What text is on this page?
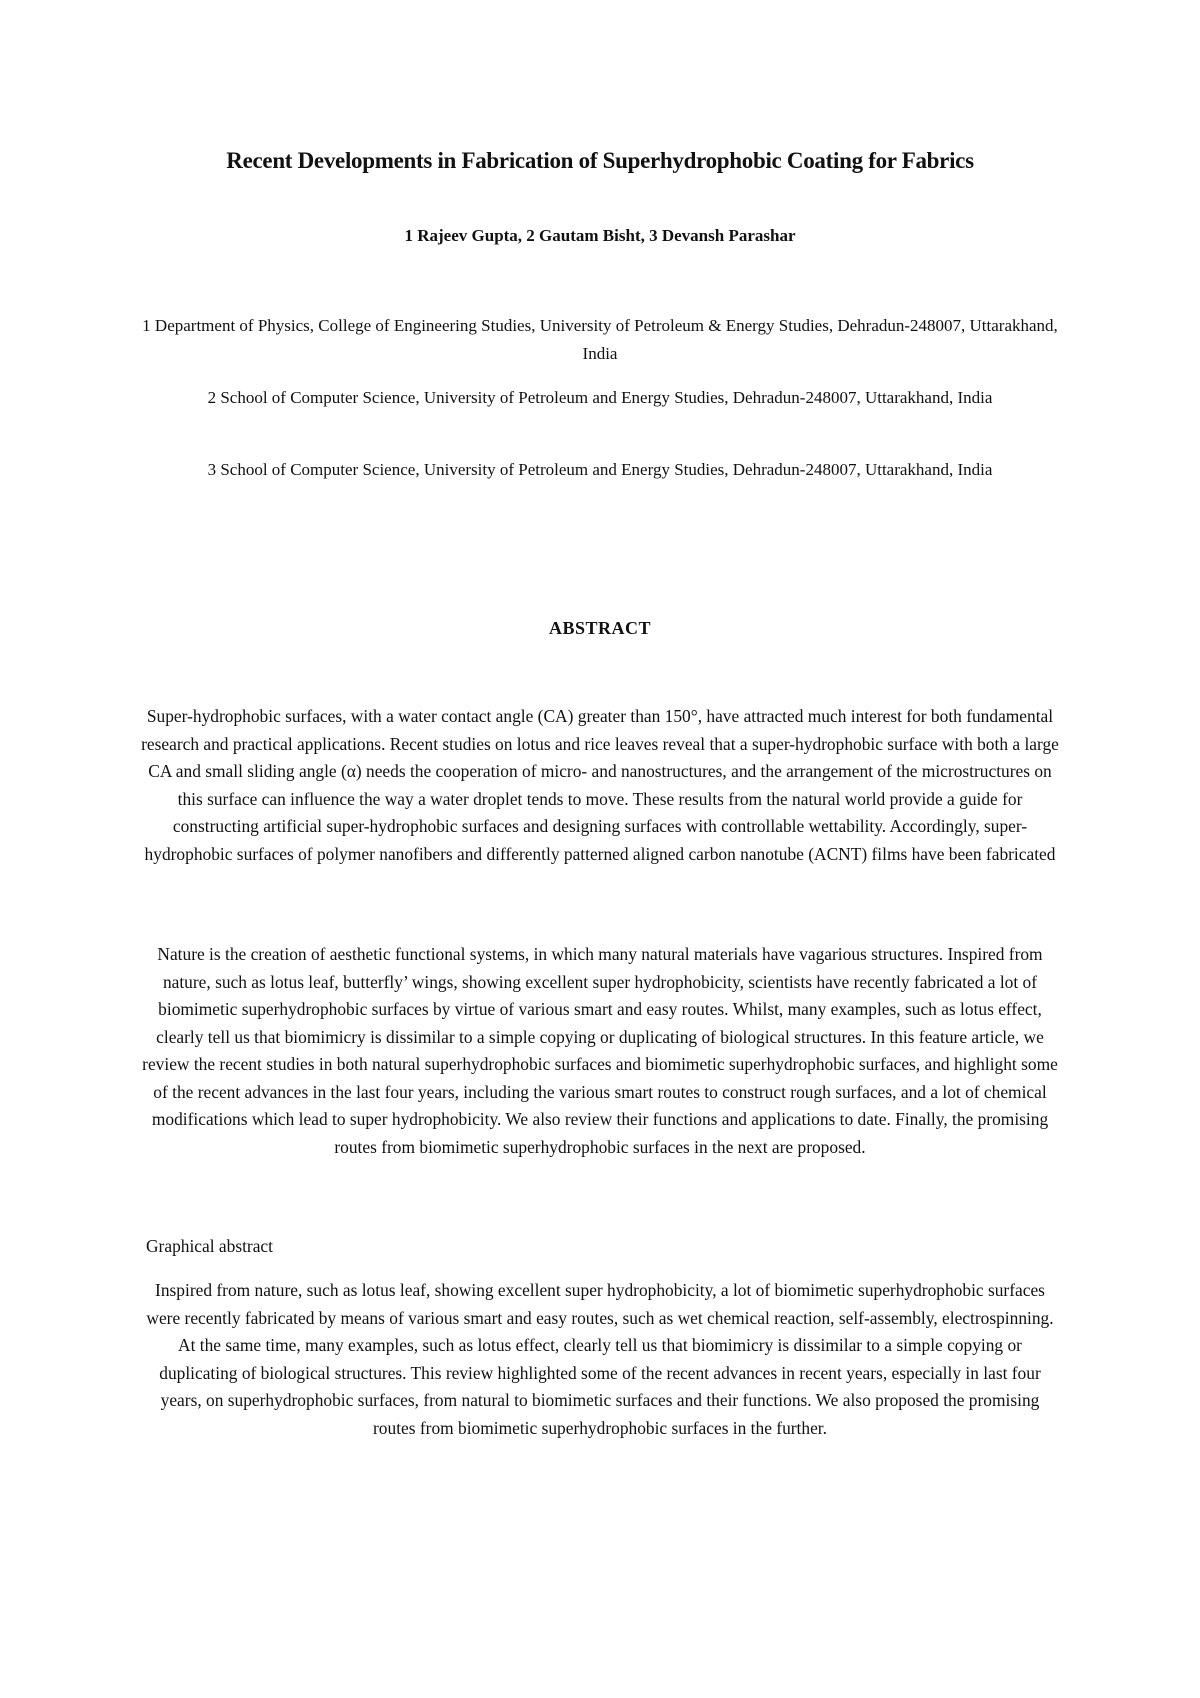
Recent Developments in Fabrication of Superhydrophobic Coating for Fabrics
1 Rajeev Gupta, 2 Gautam Bisht, 3 Devansh Parashar
1 Department of Physics, College of Engineering Studies, University of Petroleum & Energy Studies, Dehradun-248007, Uttarakhand, India
2 School of Computer Science, University of Petroleum and Energy Studies, Dehradun-248007, Uttarakhand, India
3 School of Computer Science, University of Petroleum and Energy Studies, Dehradun-248007, Uttarakhand, India
ABSTRACT
Super-hydrophobic surfaces, with a water contact angle (CA) greater than 150°, have attracted much interest for both fundamental research and practical applications. Recent studies on lotus and rice leaves reveal that a super-hydrophobic surface with both a large CA and small sliding angle (α) needs the cooperation of micro- and nanostructures, and the arrangement of the microstructures on this surface can influence the way a water droplet tends to move. These results from the natural world provide a guide for constructing artificial super-hydrophobic surfaces and designing surfaces with controllable wettability. Accordingly, super-hydrophobic surfaces of polymer nanofibers and differently patterned aligned carbon nanotube (ACNT) films have been fabricated
Nature is the creation of aesthetic functional systems, in which many natural materials have vagarious structures. Inspired from nature, such as lotus leaf, butterfly’ wings, showing excellent super hydrophobicity, scientists have recently fabricated a lot of biomimetic superhydrophobic surfaces by virtue of various smart and easy routes. Whilst, many examples, such as lotus effect, clearly tell us that biomimicry is dissimilar to a simple copying or duplicating of biological structures. In this feature article, we review the recent studies in both natural superhydrophobic surfaces and biomimetic superhydrophobic surfaces, and highlight some of the recent advances in the last four years, including the various smart routes to construct rough surfaces, and a lot of chemical modifications which lead to super hydrophobicity. We also review their functions and applications to date. Finally, the promising routes from biomimetic superhydrophobic surfaces in the next are proposed.
Graphical abstract
Inspired from nature, such as lotus leaf, showing excellent super hydrophobicity, a lot of biomimetic superhydrophobic surfaces were recently fabricated by means of various smart and easy routes, such as wet chemical reaction, self-assembly, electrospinning. At the same time, many examples, such as lotus effect, clearly tell us that biomimicry is dissimilar to a simple copying or duplicating of biological structures. This review highlighted some of the recent advances in recent years, especially in last four years, on superhydrophobic surfaces, from natural to biomimetic surfaces and their functions. We also proposed the promising routes from biomimetic superhydrophobic surfaces in the further.
